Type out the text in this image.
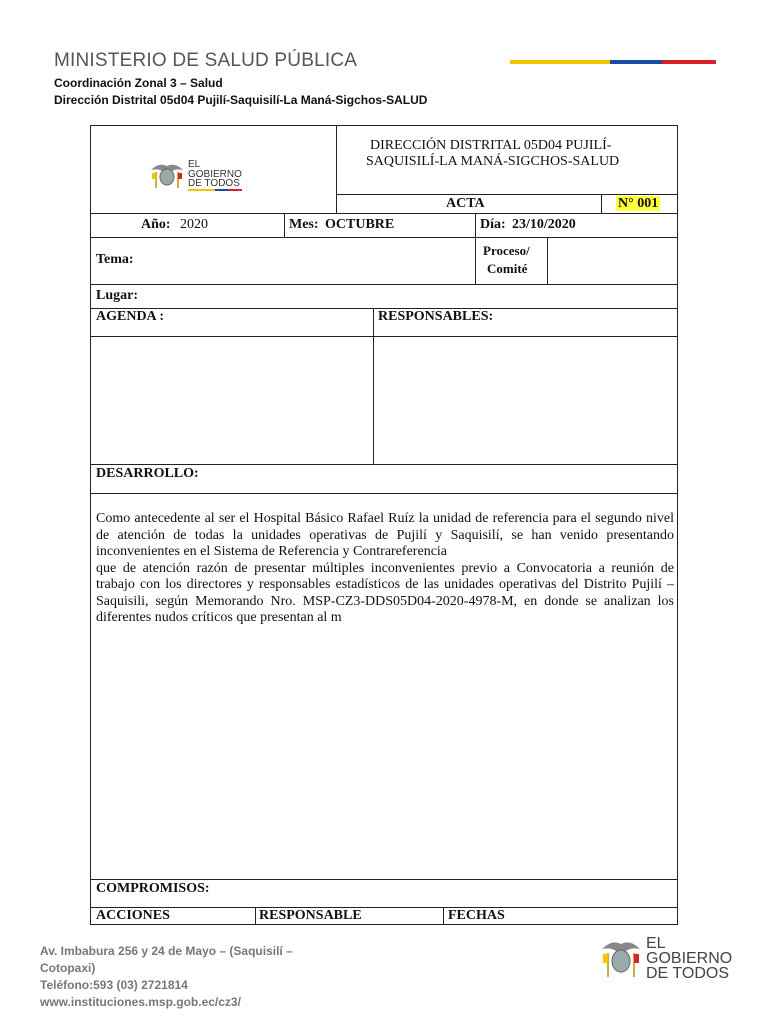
MINISTERIO DE SALUD PÚBLICA
Coordinación Zonal 3 – Salud
Dirección Distrital 05d04 Pujilí-Saquisilí-La Maná-Sigchos-SALUD
EL
GOBIERNO
DE TODOS
DIRECCIÓN DISTRITAL 05D04 PUJILÍ-
SAQUISILÍ-LA MANÁ-SIGCHOS-SALUD
ACTA	N° 001
Año: 2020	Mes: OCTUBRE	Día: 23/10/2020
Tema:
Proceso/
Comité
Lugar:
AGENDA :	RESPONSABLES:
DESARROLLO:
Como antecedente al ser el Hospital Básico Rafael Ruíz la unidad de referencia para el segundo nivel de atención de todas la unidades operativas de Pujilí y Saquisilí, se han venido presentando inconvenientes en el Sistema de Referencia y Contrareferencia
que de atención razón de presentar múltiples inconvenientes previo a Convocatoria a reunión de trabajo con los directores y responsables estadísticos de las unidades operativas del Distrito Pujilí – Saquisili, según Memorando Nro. MSP-CZ3-DDS05D04-2020-4978-M, en donde se analizan los diferentes nudos críticos que presentan al m
COMPROMISOS:
ACCIONES	RESPONSABLE	FECHAS
Av. Imbabura 256 y 24 de Mayo – (Saquisilí –
Cotopaxi)
Teléfono:593 (03) 2721814
www.instituciones.msp.gob.ec/cz3/
EL
GOBIERNO
DE TODOS
